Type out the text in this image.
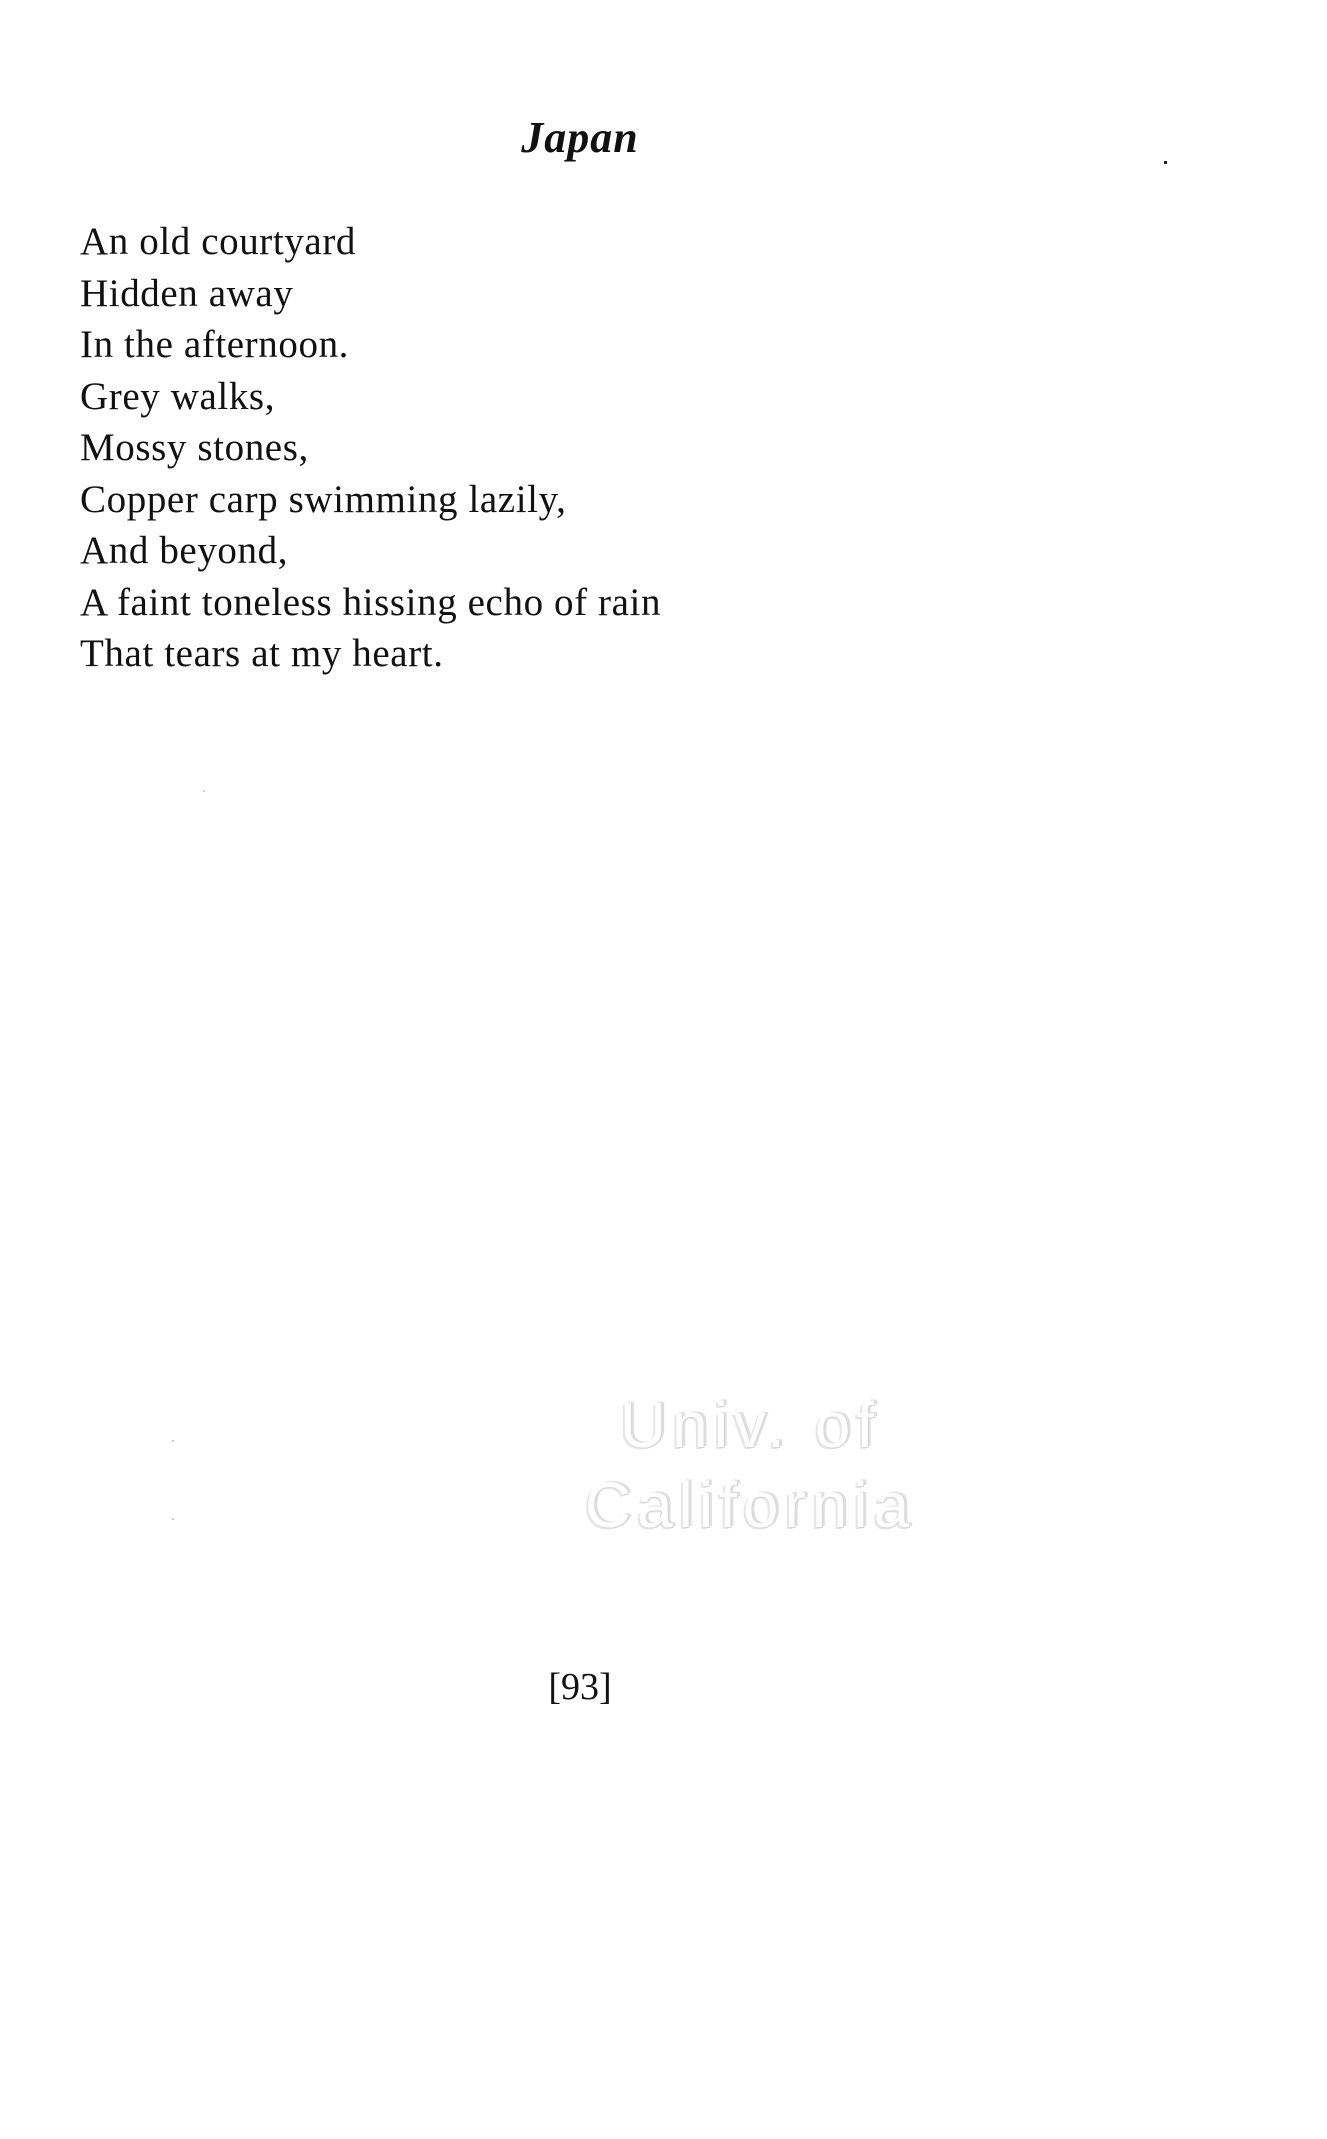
Japan
An old courtyard
Hidden away
In the afternoon.
Grey walks,
Mossy stones,
Copper carp swimming lazily,
And beyond,
A faint toneless hissing echo of rain
That tears at my heart.
Univ. of
California

[93]
